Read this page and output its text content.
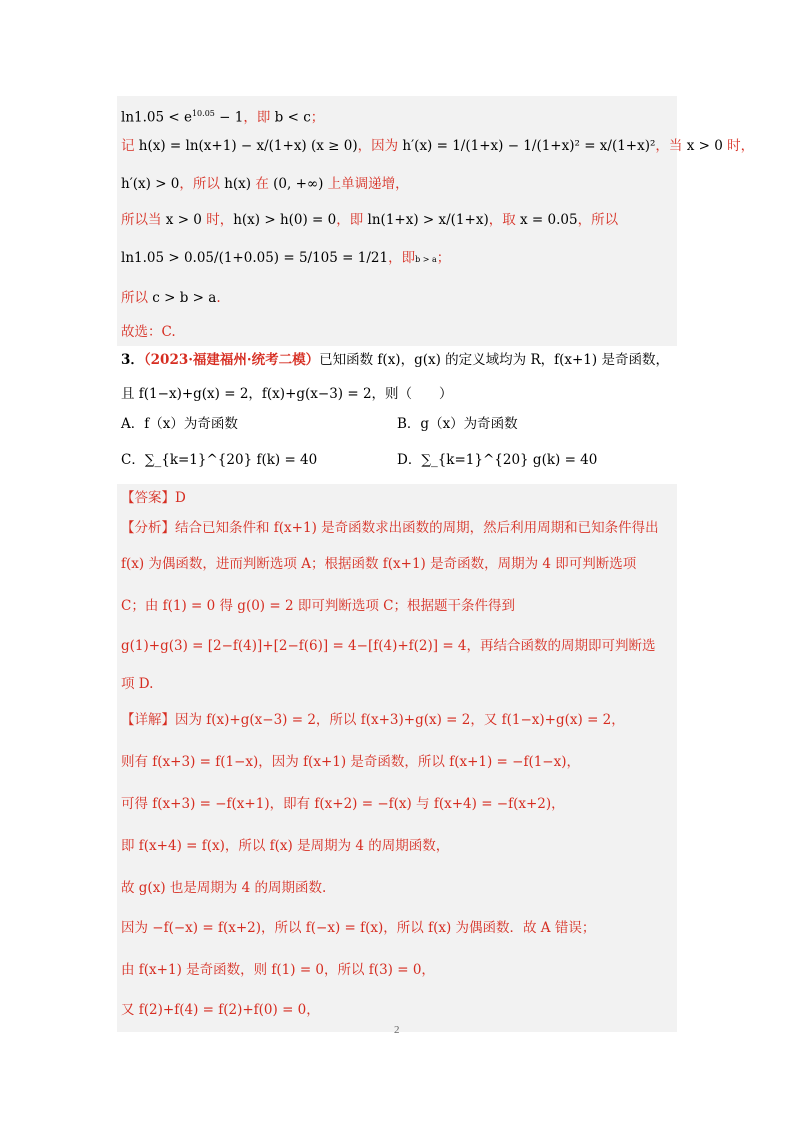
$\ln 1.05 < e^{10.05} - 1$，即 b < c；
记 h(x) = ln(x+1) − x/(1+x) (x ≥ 0)，因为 h′(x) = 1/(1+x) − 1/(1+x)² = x/(1+x)²，当 x > 0 时，
h′(x) > 0，所以 h(x) 在 (0, +∞) 上单调递增，
所以当 x > 0 时，h(x) > h(0) = 0，即 ln(1+x) > x/(1+x)，取 x = 0.05，所以
ln1.05 > 0.05/(1+0.05) = 5/105 = 1/21，即b > a；
所以 c > b > a.
故选：C.
3．（2023·福建福州·统考二模）已知函数 f(x)，g(x) 的定义域均为 R，f(x+1) 是奇函数，
且 f(1−x)+g(x) = 2，f(x)+g(x−3) = 2，则（　　）
A．f（x）为奇函数	B．g（x）为奇函数
C．∑_{k=1}^{20} f(k) = 40	D．∑_{k=1}^{20} g(k) = 40
【答案】D
【分析】结合已知条件和 f(x+1) 是奇函数求出函数的周期，然后利用周期和已知条件得出
f(x) 为偶函数，进而判断选项 A；根据函数 f(x+1) 是奇函数，周期为 4 即可判断选项
C；由 f(1) = 0 得 g(0) = 2 即可判断选项 C；根据题干条件得到
g(1)+g(3) = [2−f(4)]+[2−f(6)] = 4−[f(4)+f(2)] = 4，再结合函数的周期即可判断选
项 D.
【详解】因为 f(x)+g(x−3) = 2，所以 f(x+3)+g(x) = 2，又 f(1−x)+g(x) = 2，
则有 f(x+3) = f(1−x)，因为 f(x+1) 是奇函数，所以 f(x+1) = −f(1−x)，
可得 f(x+3) = −f(x+1)，即有 f(x+2) = −f(x) 与 f(x+4) = −f(x+2)，
即 f(x+4) = f(x)，所以 f(x) 是周期为 4 的周期函数，
故 g(x) 也是周期为 4 的周期函数.
因为 −f(−x) = f(x+2)，所以 f(−x) = f(x)，所以 f(x) 为偶函数．故 A 错误；
由 f(x+1) 是奇函数，则 f(1) = 0，所以 f(3) = 0，
又 f(2)+f(4) = f(2)+f(0) = 0，
2
